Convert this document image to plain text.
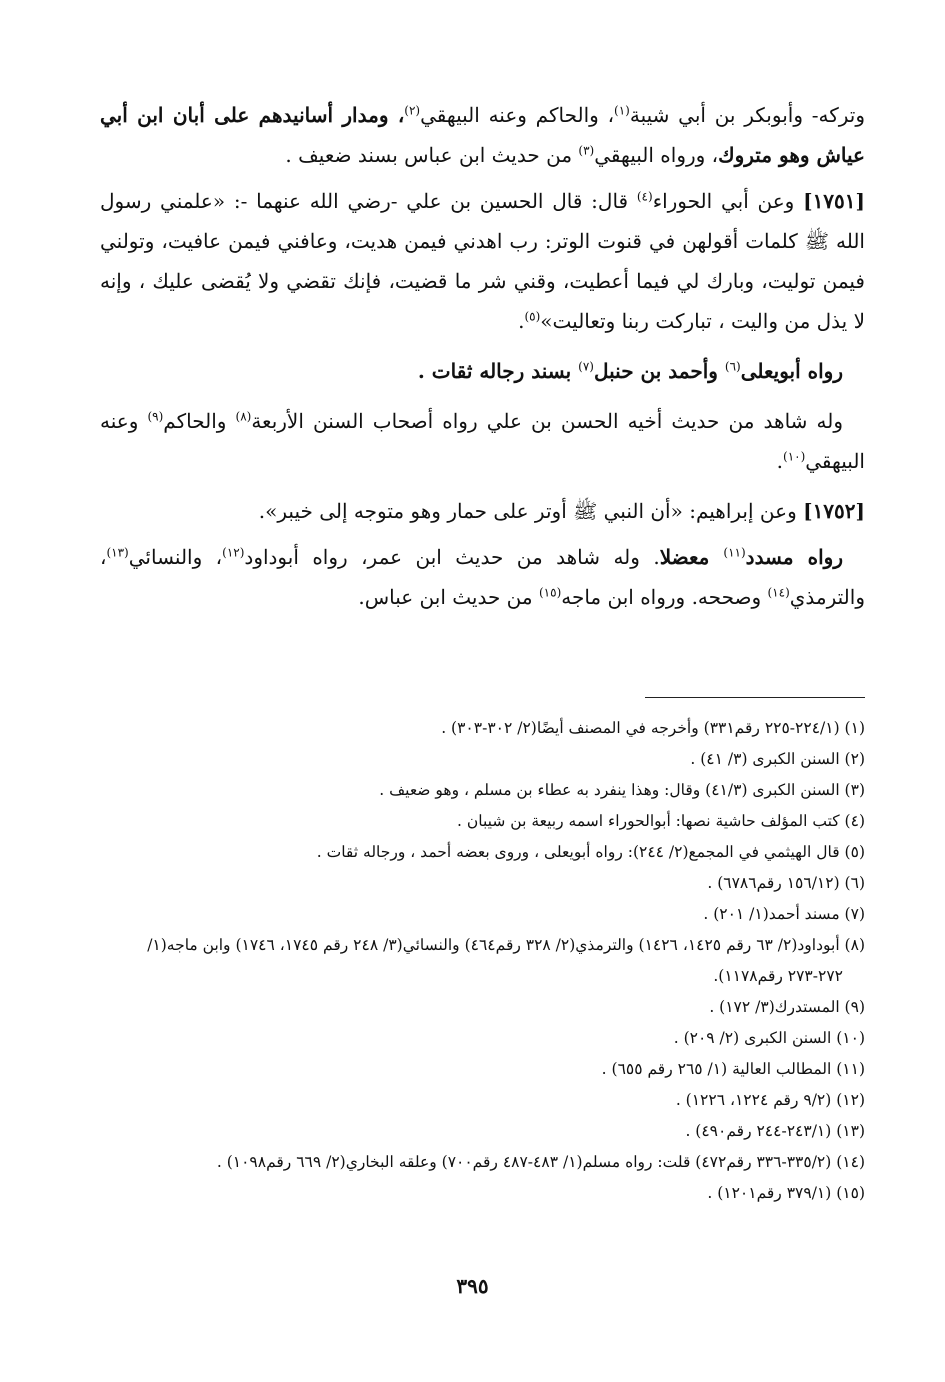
وتركه- وأبوبكر بن أبي شيبة$^{(١)}$، والحاكم وعنه البيهقي$^{(٢)}$، ومدار أسانيدهم على أبان ابن أبي عياش وهو متروك، ورواه البيهقي$^{(٣)}$ من حديث ابن عباس بسند ضعيف .

[١٧٥١] وعن أبي الحوراء$^{(٤)}$ قال: قال الحسين بن علي -رضي الله عنهما -: «علمني رسول الله ﷺ كلمات أقولهن في قنوت الوتر: رب اهدني فيمن هديت، وعافني فيمن عافيت، وتولني فيمن توليت، وبارك لي فيما أعطيت، وقني شر ما قضيت، فإنك تقضي ولا يُقضى عليك ، وإنه لا يذل من واليت ، تباركت ربنا وتعاليت»$^{(٥)}$.

رواه أبويعلى$^{(٦)}$ وأحمد بن حنبل$^{(٧)}$ بسند رجاله ثقات .

وله شاهد من حديث أخيه الحسن بن علي رواه أصحاب السنن الأربعة$^{(٨)}$ والحاكم$^{(٩)}$ وعنه البيهقي$^{(١٠)}$.

[١٧٥٢] وعن إبراهيم: «أن النبي ﷺ أوتر على حمار وهو متوجه إلى خيبر».

رواه مسدد$^{(١١)}$ معضلا. وله شاهد من حديث ابن عمر، رواه أبوداود$^{(١٢)}$، والنسائي$^{(١٣)}$، والترمذي$^{(١٤)}$ وصححه. ورواه ابن ماجه$^{(١٥)}$ من حديث ابن عباس.

(١) (٢٢٤/١-٢٢٥ رقم٣٣١) وأخرجه في المصنف أيضًا(٢/ ٣٠٢-٣٠٣) .

(٢) السنن الكبرى (٣/ ٤١) .

(٣) السنن الكبرى (٤١/٣) وقال: وهذا ينفرد به عطاء بن مسلم ، وهو ضعيف .

(٤) كتب المؤلف حاشية نصها: أبوالحوراء اسمه ربيعة بن شيبان .

(٥) قال الهيثمي في المجمع(٢/ ٢٤٤): رواه أبويعلى ، وروى بعضه أحمد ، ورجاله ثقات .

(٦) (١٥٦/١٢ رقم٦٧٨٦) .

(٧) مسند أحمد(١/ ٢٠١) .

(٨) أبوداود(٢/ ٦٣ رقم ١٤٢٥، ١٤٢٦) والترمذي(٢/ ٣٢٨ رقم٤٦٤) والنسائي(٣/ ٢٤٨ رقم ١٧٤٥، ١٧٤٦) وابن ماجه(١/ ٢٧٢-٢٧٣ رقم١١٧٨).

(٩) المستدرك(٣/ ١٧٢) .

(١٠) السنن الكبرى (٢/ ٢٠٩) .

(١١) المطالب العالية (١/ ٢٦٥ رقم ٦٥٥) .

(١٢) (٩/٢ رقم ١٢٢٤، ١٢٢٦) .

(١٣) (٢٤٣/١-٢٤٤ رقم٤٩٠) .

(١٤) (٣٣٥/٢-٣٣٦ رقم٤٧٢) قلت: رواه مسلم(١/ ٤٨٣-٤٨٧ رقم٧٠٠) وعلقه البخاري(٢/ ٦٦٩ رقم١٠٩٨) .

(١٥) (٣٧٩/١ رقم١٢٠١) .

٣٩٥
